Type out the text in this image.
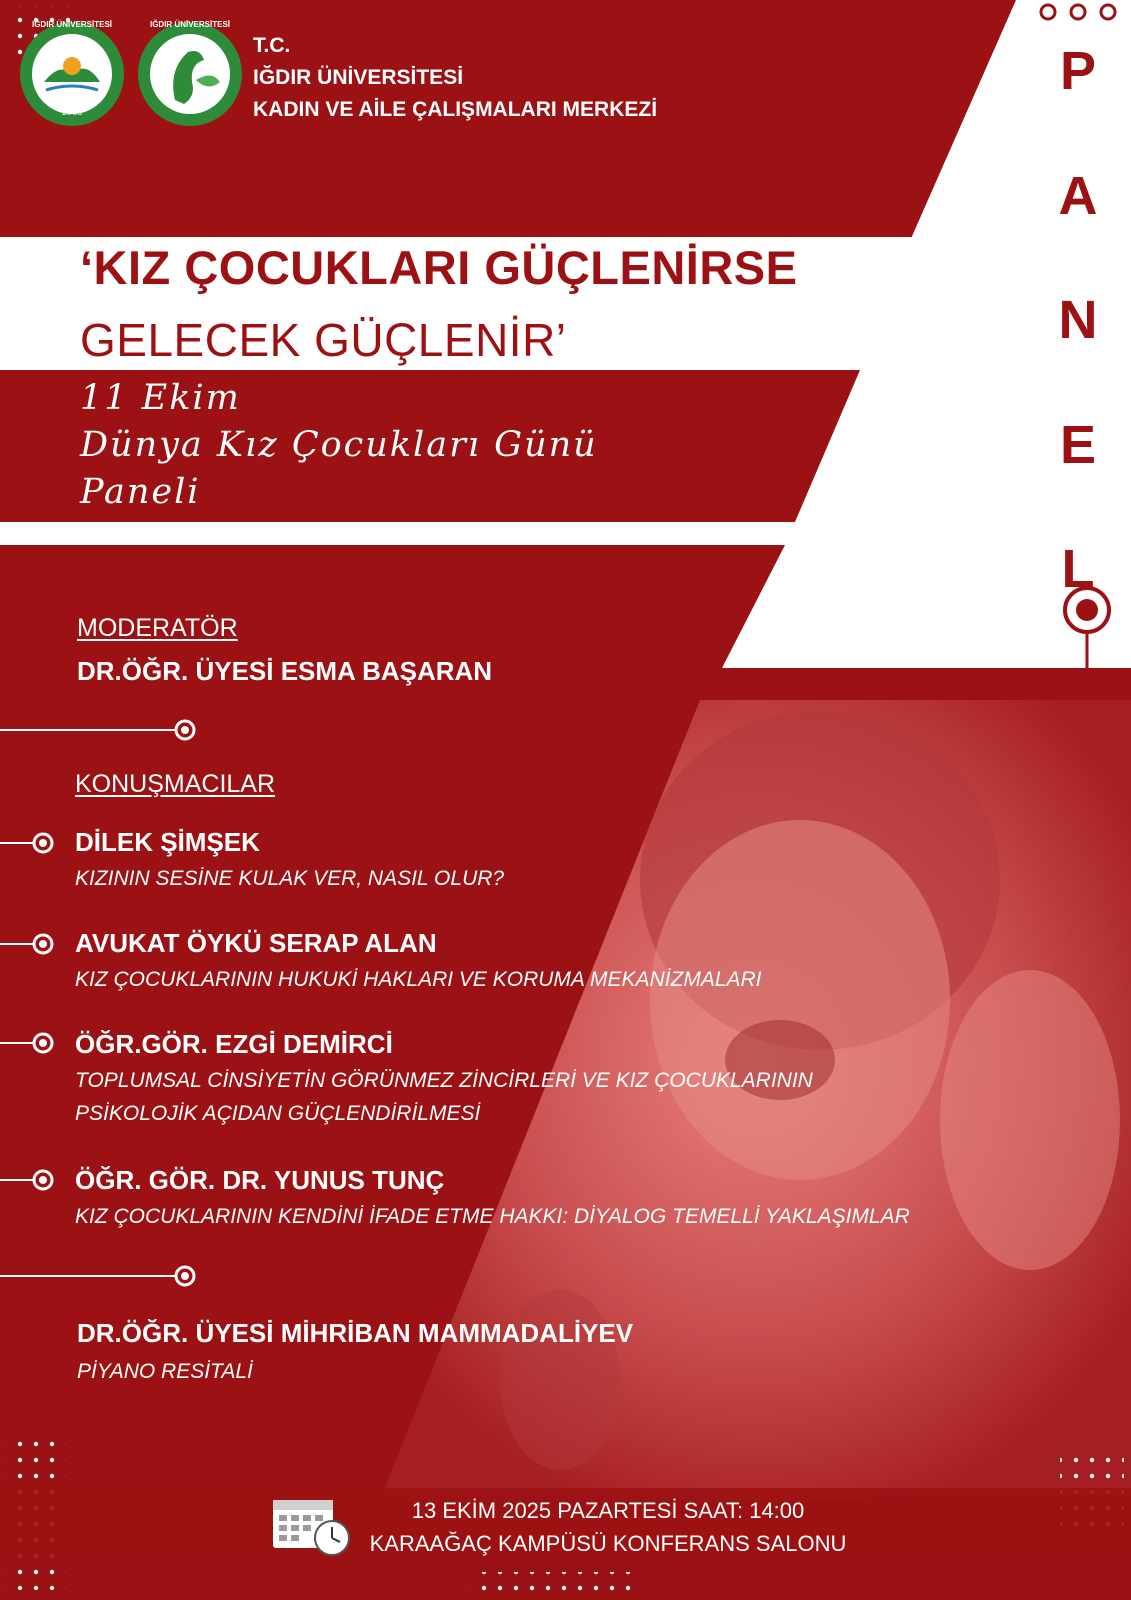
IĞDIR ÜNİVERSİTESİ
2008
IĞDIR ÜNİVERSİTESİ
T.C.
IĞDIR ÜNİVERSİTESİ
KADIN VE AİLE ÇALIŞMALARI MERKEZİ
‘KIZ ÇOCUKLARI GÜÇLENİRSE
GELECEK GÜÇLENİR’
11 Ekim
Dünya Kız Çocukları Günü
Paneli
P
A
N
E
L
MODERATÖR
DR.ÖĞR. ÜYESİ ESMA BAŞARAN
KONUŞMACILAR
DİLEK ŞİMŞEK
KIZININ SESİNE KULAK VER, NASIL OLUR?
AVUKAT ÖYKÜ SERAP ALAN
KIZ ÇOCUKLARININ HUKUKİ HAKLARI VE KORUMA MEKANİZMALARI
ÖĞR.GÖR. EZGİ DEMİRCİ
TOPLUMSAL CİNSİYETİN GÖRÜNMEZ ZİNCİRLERİ VE KIZ ÇOCUKLARININ
PSİKOLOJİK AÇIDAN GÜÇLENDİRİLMESİ
ÖĞR. GÖR. DR. YUNUS TUNÇ
KIZ ÇOCUKLARININ KENDİNİ İFADE ETME HAKKI: DİYALOG TEMELLİ YAKLAŞIMLAR
DR.ÖĞR. ÜYESİ MİHRİBAN MAMMADALİYEV
PİYANO RESİTALİ
13 EKİM 2025 PAZARTESİ SAAT: 14:00
KARAAĞAÇ KAMPÜSÜ KONFERANS SALONU
